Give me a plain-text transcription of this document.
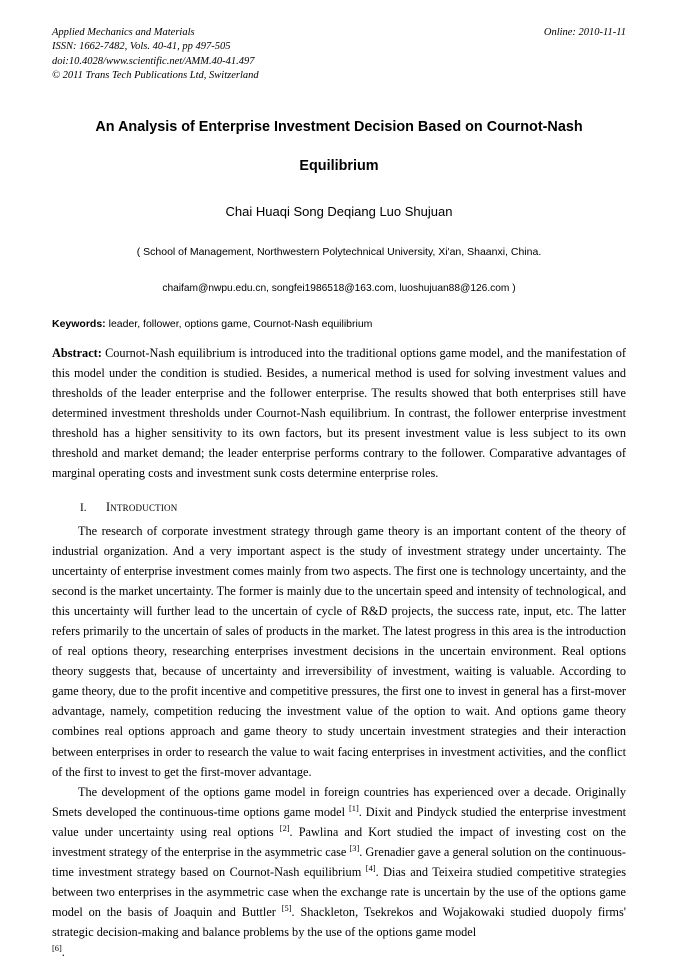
Applied Mechanics and Materials
ISSN: 1662-7482, Vols. 40-41, pp 497-505
doi:10.4028/www.scientific.net/AMM.40-41.497
© 2011 Trans Tech Publications Ltd, Switzerland
Online: 2010-11-11
An Analysis of Enterprise Investment Decision Based on Cournot-Nash
Equilibrium
Chai Huaqi Song Deqiang Luo Shujuan
( School of Management, Northwestern Polytechnical University, Xi'an, Shaanxi, China.
chaifam@nwpu.edu.cn, songfei1986518@163.com, luoshujuan88@126.com )
Keywords: leader, follower, options game, Cournot-Nash equilibrium
Abstract: Cournot-Nash equilibrium is introduced into the traditional options game model, and the manifestation of this model under the condition is studied. Besides, a numerical method is used for solving investment values and thresholds of the leader enterprise and the follower enterprise. The results showed that both enterprises still have determined investment thresholds under Cournot-Nash equilibrium. In contrast, the follower enterprise investment threshold has a higher sensitivity to its own factors, but its present investment value is less subject to its own threshold and market demand; the leader enterprise performs contrary to the follower. Comparative advantages of marginal operating costs and investment sunk costs determine enterprise roles.
I.	Introduction

The research of corporate investment strategy through game theory is an important content of the theory of industrial organization. And a very important aspect is the study of investment strategy under uncertainty. The uncertainty of enterprise investment comes mainly from two aspects. The first one is technology uncertainty, and the second is the market uncertainty. The former is mainly due to the uncertain speed and intensity of technological, and this uncertainty will further lead to the uncertain of cycle of R&D projects, the success rate, input, etc. The latter refers primarily to the uncertain of sales of products in the market. The latest progress in this area is the introduction of real options theory, researching enterprises investment decisions in the uncertain environment. Real options theory suggests that, because of uncertainty and irreversibility of investment, waiting is valuable. According to game theory, due to the profit incentive and competitive pressures, the first one to invest in general has a first-mover advantage, namely, competition reducing the investment value of the option to wait. And options game theory combines real options approach and game theory to study uncertain investment strategies and their interaction between enterprises in order to research the value to wait facing enterprises in investment activities, and the conflict of the first to invest to get the first-mover advantage.

The development of the options game model in foreign countries has experienced over a decade. Originally Smets developed the continuous-time options game model [1]. Dixit and Pindyck studied the enterprise investment value under uncertainty using real options [2]. Pawlina and Kort studied the impact of investing cost on the investment strategy of the enterprise in the asymmetric case [3]. Grenadier gave a general solution on the continuous-time investment strategy based on Cournot-Nash equilibrium [4]. Dias and Teixeira studied competitive strategies between two enterprises in the asymmetric case when the exchange rate is uncertain by the use of the options game model on the basis of Joaquin and Buttler [5]. Shackleton, Tsekrekos and Wojakowaki studied duopoly firms' strategic decision-making and balance problems by the use of the options game model

[6].
